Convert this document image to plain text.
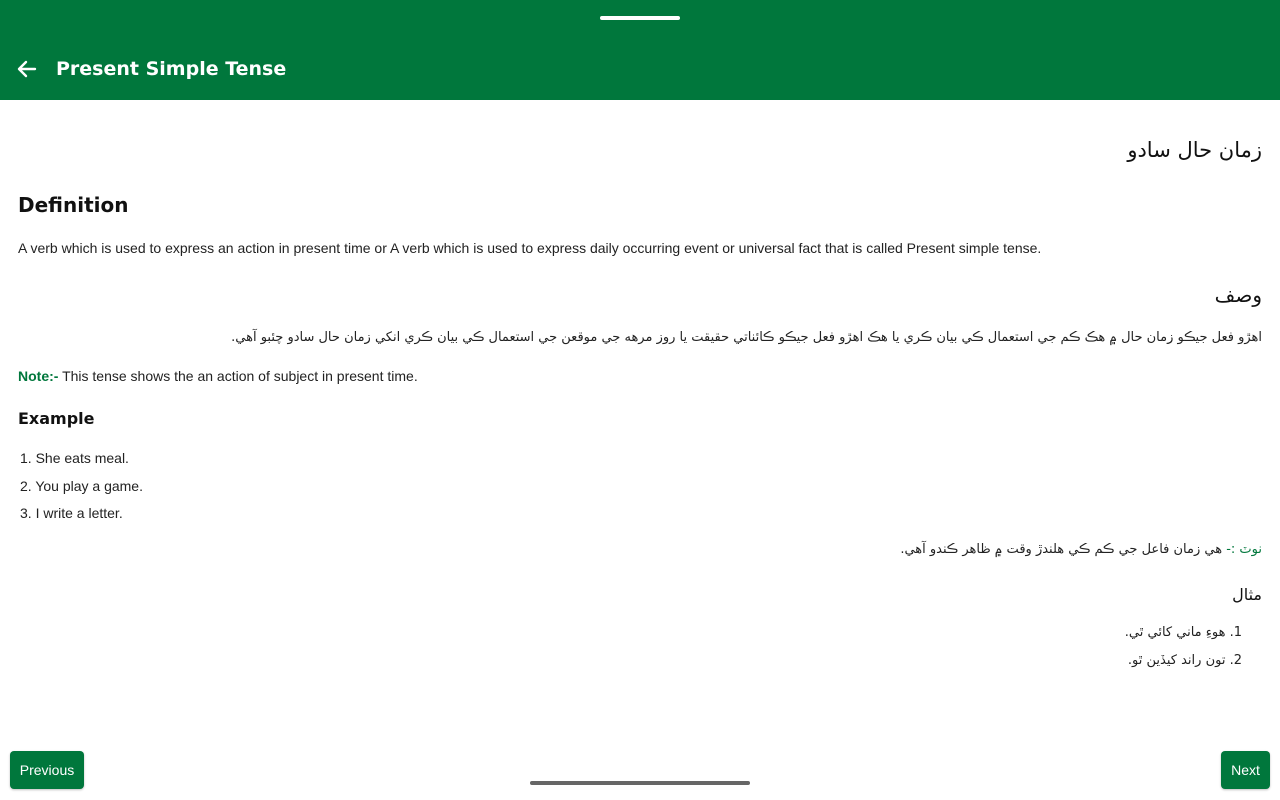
Present Simple Tense
زمان حال سادو
Definition
A verb which is used to express an action in present time or A verb which is used to express daily occurring event or universal fact that is called Present simple tense.
وصف
اهڙو فعل جيڪو زمان حال ۾ هڪ ڪم جي استعمال ڪي بيان ڪري يا هڪ اهڙو فعل جيڪو ڪائناتي حقيقت يا روز مرهه جي موقعن جي استعمال ڪي بيان ڪري انکي زمان حال سادو چئبو آهي.
Note:- This tense shows the an action of subject in present time.
Example
1. She eats meal.
2. You play a game.
3. I write a letter.
نوٽ :- هي زمان فاعل جي ڪم ڪي هلندڙ وقت ۾ ظاهر ڪندو آهي.
مثال
1. هوءِ ماني کائي ٿي.
2. تون راند کيڏين ٿو.
Previous	Next
